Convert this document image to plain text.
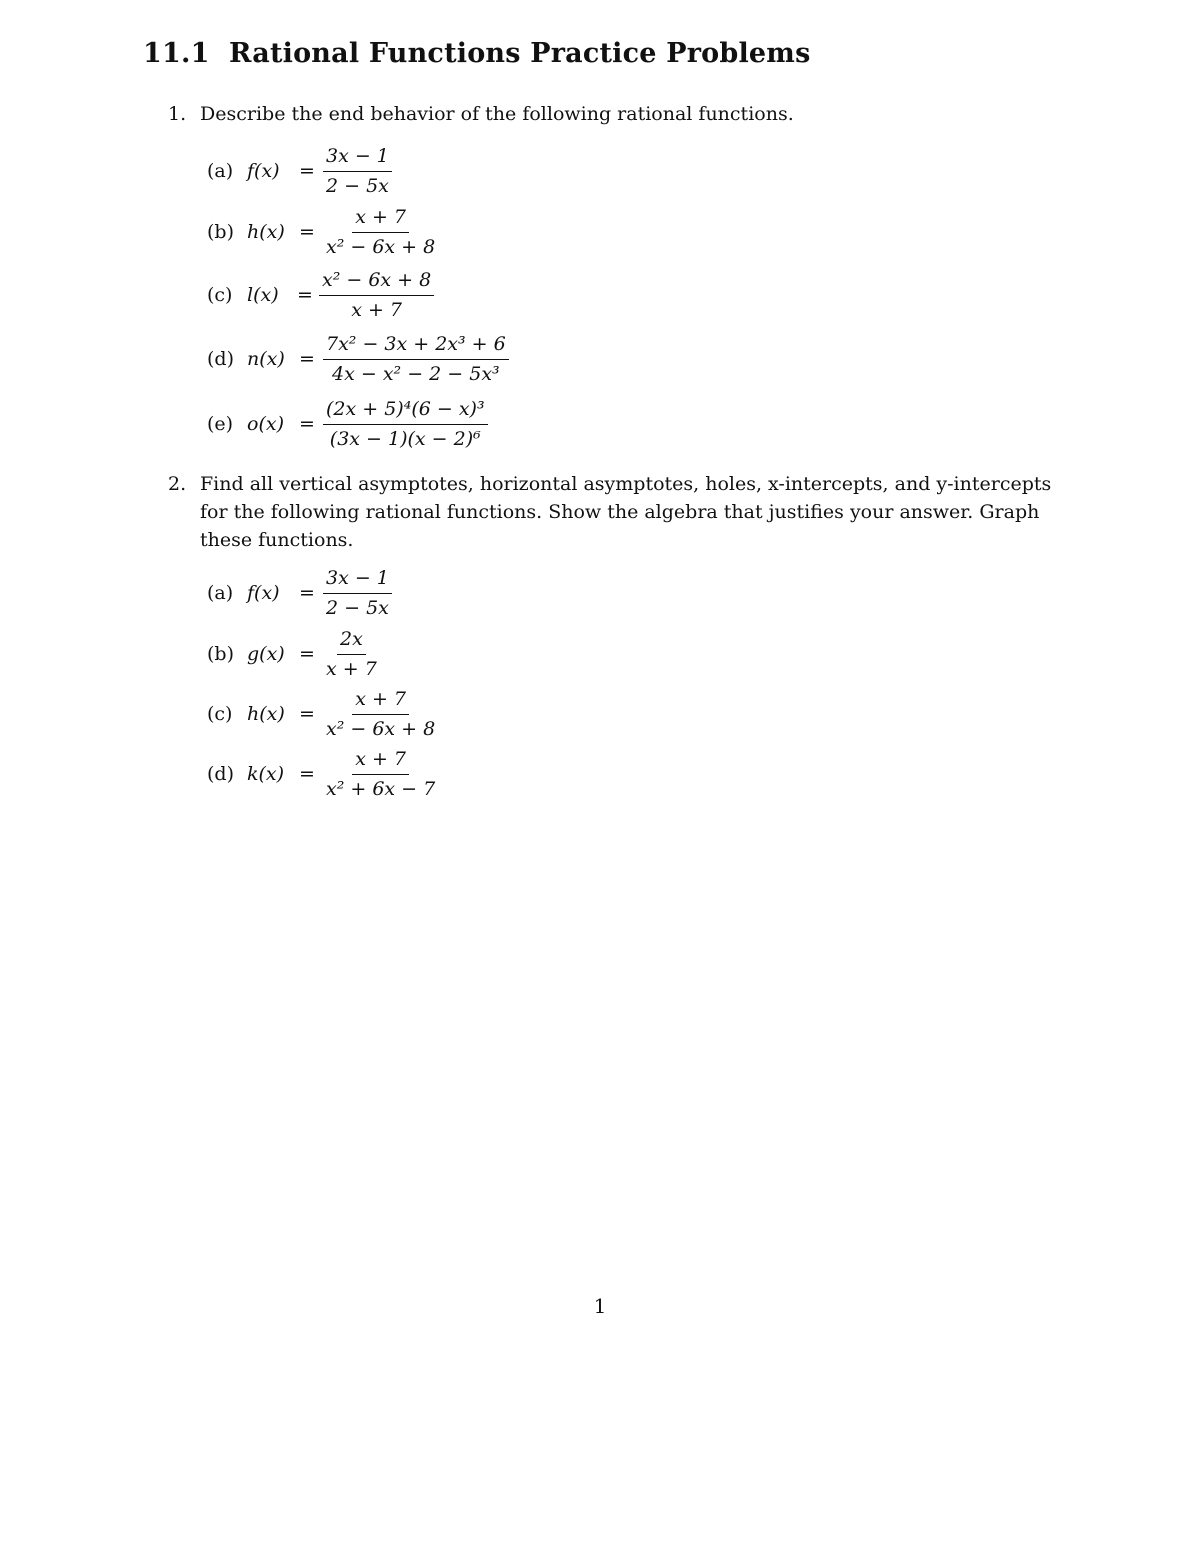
11.1 Rational Functions Practice Problems
1. Describe the end behavior of the following rational functions.
(a) $f(x) = \frac{3x - 1}{2 - 5x}$
(b) $h(x) = \frac{x + 7}{\text{x² − 6x + 8}}$
(c) $l(x) = \frac{\text{x² − 6x + 8}}{x + 7}$
(d) $n(x) = \frac{\text{7x² − 3x + 2x³ + 6}}{\text{4x − x² − 2 − 5x³}}$
(e) $o(x) = \frac{\text{(2x + 5)⁴(6 − x)³}}{\text{(3x − 1)(x − 2)⁶}}$
2. Find all vertical asymptotes, horizontal asymptotes, holes, x-intercepts, and y-intercepts for the following rational functions. Show the algebra that justifies your answer. Graph these functions.
(a) $f(x) = \frac{3x - 1}{2 - 5x}$
(b) $g(x) = \frac{2x}{x + 7}$
(c) $h(x) = \frac{x + 7}{\text{x² − 6x + 8}}$
(d) $k(x) = \frac{x + 7}{\text{x² + 6x − 7}}$
1
